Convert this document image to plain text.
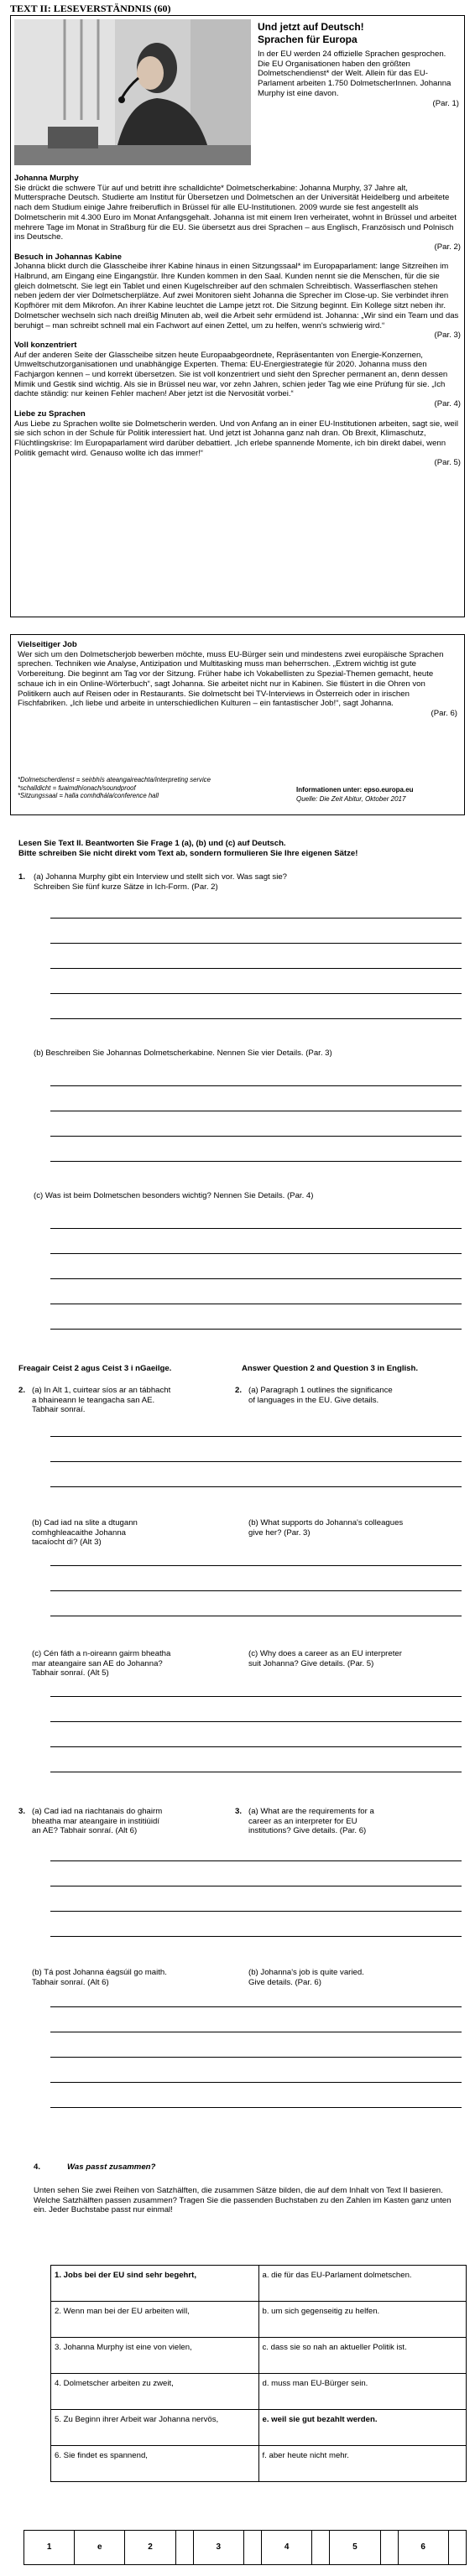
TEXT II: LESEVERSTÄNDNIS (60)
Und jetzt auf Deutsch!
Sprachen für Europa

In der EU werden 24 offizielle Sprachen gesprochen. Die EU Organisationen haben den größten Dolmetschendienst* der Welt. Allein für das EU-Parlament arbeiten 1.750 DolmetscherInnen. Johanna Murphy ist eine davon.

(Par. 1)
Johanna Murphy

Sie drückt die schwere Tür auf und betritt ihre schalldichte* Dolmetscherkabine: Johanna Murphy, 37 Jahre alt, Muttersprache Deutsch. Studierte am Institut für Übersetzen und Dolmetschen an der Universität Heidelberg und arbeitete nach dem Studium einige Jahre freiberuflich in Brüssel für alle EU-Institutionen. 2009 wurde sie fest angestellt als Dolmetscherin mit 4.300 Euro im Monat Anfangsgehalt. Johanna ist mit einem Iren verheiratet, wohnt in Brüssel und arbeitet mehrere Tage im Monat in Straßburg für die EU. Sie übersetzt aus drei Sprachen – aus Englisch, Französisch und Polnisch ins Deutsche.

(Par. 2)
Besuch in Johannas Kabine

Johanna blickt durch die Glasscheibe ihrer Kabine hinaus in einen Sitzungssaal* im Europaparlament: lange Sitzreihen im Halbrund, am Eingang eine Eingangstür. Ihre Kunden kommen in den Saal. Kunden nennt sie die Menschen, für die sie gleich dolmetscht. Sie legt ein Tablet und einen Kugelschreiber auf den schmalen Schreibtisch. Wasserflaschen stehen neben jedem der vier Dolmetscherplätze. Auf zwei Monitoren sieht Johanna die Sprecher im Close-up. Sie verbindet ihren Kopfhörer mit dem Mikrofon. An ihrer Kabine leuchtet die Lampe jetzt rot. Die Sitzung beginnt. Ein Kollege sitzt neben ihr. Dolmetscher wechseln sich nach dreißig Minuten ab, weil die Arbeit sehr ermüdend ist. Johanna: „Wir sind ein Team und das beruhigt – man schreibt schnell mal ein Fachwort auf einen Zettel, um zu helfen, wenn's schwierig wird.“

(Par. 3)
Voll konzentriert

Auf der anderen Seite der Glasscheibe sitzen heute Europaabgeordnete, Repräsentanten von Energie-Konzernen, Umweltschutzorganisationen und unabhängige Experten. Thema: EU-Energiestrategie für 2020. Johanna muss den Fachjargon kennen – und korrekt übersetzen. Sie ist voll konzentriert und sieht den Sprecher permanent an, denn dessen Mimik und Gestik sind wichtig. Als sie in Brüssel neu war, vor zehn Jahren, schien jeder Tag wie eine Prüfung für sie. „Ich dachte ständig: nur keinen Fehler machen! Aber jetzt ist die Nervosität vorbei.“

(Par. 4)
Liebe zu Sprachen

Aus Liebe zu Sprachen wollte sie Dolmetscherin werden. Und von Anfang an in einer EU-Institutionen arbeiten, sagt sie, weil sie sich schon in der Schule für Politik interessiert hat. Und jetzt ist Johanna ganz nah dran. Ob Brexit, Klimaschutz, Flüchtlingskrise: Im Europaparlament wird darüber debattiert. „Ich erlebe spannende Momente, ich bin direkt dabei, wenn Politik gemacht wird. Genauso wollte ich das immer!“

(Par. 5)
Vielseitiger Job

Wer sich um den Dolmetscherjob bewerben möchte, muss EU-Bürger sein und mindestens zwei europäische Sprachen sprechen. Techniken wie Analyse, Antizipation und Multitasking muss man beherrschen. „Extrem wichtig ist gute Vorbereitung. Die beginnt am Tag vor der Sitzung. Früher habe ich Vokabellisten zu Spezial-Themen gemacht, heute schaue ich in ein Online-Wörterbuch“, sagt Johanna. Sie arbeitet nicht nur in Kabinen. Sie flüstert in die Ohren von Politikern auch auf Reisen oder in Restaurants. Sie dolmetscht bei TV-Interviews in Österreich oder in irischen Fischfabriken. „Ich liebe und arbeite in unterschiedlichen Kulturen – ein fantastischer Job!“, sagt Johanna.

(Par. 6)
*Dolmetscherdienst = seirbhís ateangaireachta/interpreting service
*schalldicht = fuaimdhíonach/soundproof
*Sitzungssaal = halla comhdhála/conference hall
Informationen unter: epso.europa.eu
Quelle: Die Zeit Abitur, Oktober 2017
Lesen Sie Text II. Beantworten Sie Frage 1 (a), (b) und (c) auf Deutsch.
Bitte schreiben Sie nicht direkt vom Text ab, sondern formulieren Sie Ihre eigenen Sätze!
1. (a) Johanna Murphy gibt ein Interview und stellt sich vor. Was sagt sie?
Schreiben Sie fünf kurze Sätze in Ich-Form. (Par. 2)
(b) Beschreiben Sie Johannas Dolmetscherkabine. Nennen Sie vier Details. (Par. 3)
(c) Was ist beim Dolmetschen besonders wichtig? Nennen Sie Details. (Par. 4)
Freagair Ceist 2 agus Ceist 3 i nGaeilge.	Answer Question 2 and Question 3 in English.
2. (a) In Alt 1, cuirtear síos ar an tábhacht
a bhaineann le teangacha san AE.
Tabhair sonraí.
2. (a) Paragraph 1 outlines the significance
of languages in the EU. Give details.
(b) Cad iad na slite a dtugann
comhghleacaithe Johanna
tacaíocht di? (Alt 3)
(b) What supports do Johanna's colleagues
give her? (Par. 3)
(c) Cén fáth a n-oireann gairm bheatha
mar ateangaire san AE do Johanna?
Tabhair sonraí. (Alt 5)
(c) Why does a career as an EU interpreter
suit Johanna? Give details. (Par. 5)
3. (a) Cad iad na riachtanais do ghairm
bheatha mar ateangaire in institiúidí
an AE? Tabhair sonraí. (Alt 6)
3. (a) What are the requirements for a
career as an interpreter for EU
institutions? Give details. (Par. 6)
(b) Tá post Johanna éagsúil go maith.
Tabhair sonraí. (Alt 6)
(b) Johanna's job is quite varied.
Give details. (Par. 6)
4.	Was passt zusammen?
Unten sehen Sie zwei Reihen von Satzhälften, die zusammen Sätze bilden, die auf dem Inhalt von Text II basieren. Welche Satzhälften passen zusammen? Tragen Sie die passenden Buchstaben zu den Zahlen im Kasten ganz unten ein. Jeder Buchstabe passt nur einmal!
1. Jobs bei der EU sind sehr begehrt,	a. die für das EU-Parlament dolmetschen.
2. Wenn man bei der EU arbeiten will,	b. um sich gegenseitig zu helfen.
3. Johanna Murphy ist eine von vielen,	c. dass sie so nah an aktueller Politik ist.
4. Dolmetscher arbeiten zu zweit,	d. muss man EU-Bürger sein.
5. Zu Beginn ihrer Arbeit war Johanna nervös,	e. weil sie gut bezahlt werden.
6. Sie findet es spannend,	f. aber heute nicht mehr.
1	e	2		3		4		5		6	
